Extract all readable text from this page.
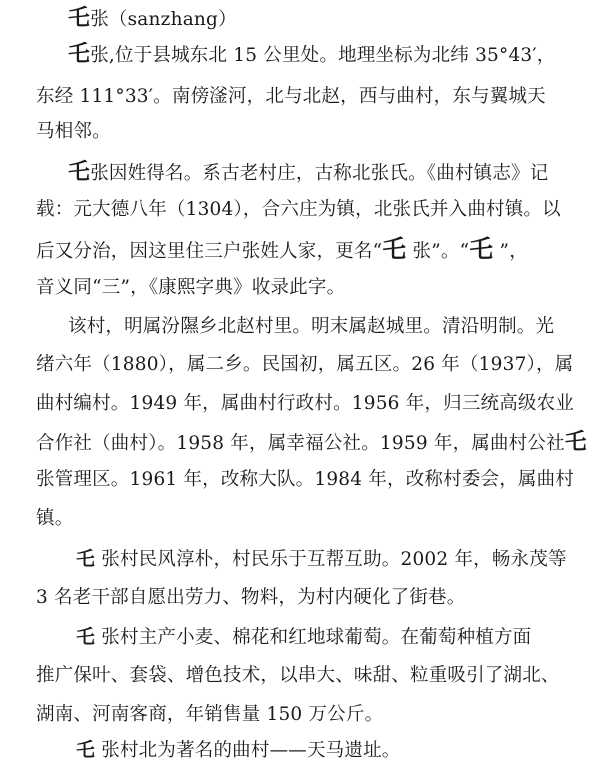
乇张（sanzhang）
乇张,位于县城东北 15 公里处。地理坐标为北纬 35°43′，
东经 111°33′。南傍滏河，北与北赵，西与曲村，东与翼城天
马相邻。
乇张因姓得名。系古老村庄，古称北张氏。《曲村镇志》记
载：元大德八年（1304），合六庄为镇，北张氏并入曲村镇。以
后又分治，因这里住三户张姓人家，更名“乇 张”。“乇 ”，
音义同“三”，《康熙字典》收录此字。
该村，明属汾隰乡北赵村里。明末属赵城里。清沿明制。光
绪六年（1880），属二乡。民国初，属五区。26 年（1937），属
曲村编村。1949 年，属曲村行政村。1956 年，归三统高级农业
合作社（曲村）。1958 年，属幸福公社。1959 年，属曲村公社乇
张管理区。1961 年，改称大队。1984 年，改称村委会，属曲村
镇。
乇 张村民风淳朴，村民乐于互帮互助。2002 年，畅永茂等
3 名老干部自愿出劳力、物料，为村内硬化了街巷。
乇 张村主产小麦、棉花和红地球葡萄。在葡萄种植方面
推广保叶、套袋、增色技术，以串大、味甜、粒重吸引了湖北、
湖南、河南客商，年销售量 150 万公斤。
乇 张村北为著名的曲村——天马遗址。
